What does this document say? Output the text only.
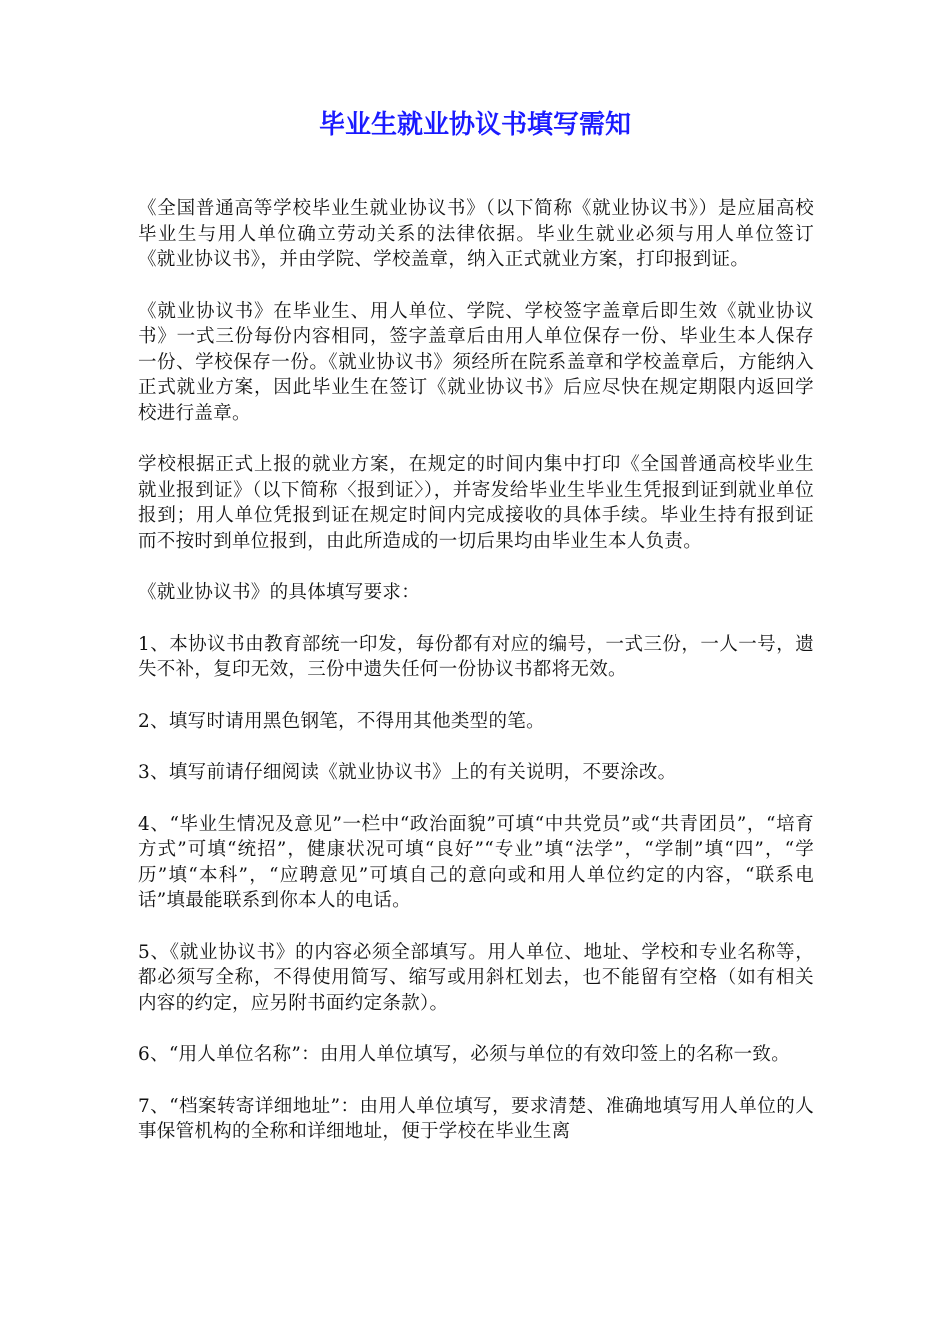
毕业生就业协议书填写需知

《全国普通高等学校毕业生就业协议书》（以下简称《就业协议书》）是应届高校毕业生与用人单位确立劳动关系的法律依据。毕业生就业必须与用人单位签订《就业协议书》，并由学院、学校盖章，纳入正式就业方案，打印报到证。

《就业协议书》在毕业生、用人单位、学院、学校签字盖章后即生效《就业协议书》一式三份每份内容相同，签字盖章后由用人单位保存一份、毕业生本人保存一份、学校保存一份。《就业协议书》须经所在院系盖章和学校盖章后，方能纳入正式就业方案，因此毕业生在签订《就业协议书》后应尽快在规定期限内返回学校进行盖章。

学校根据正式上报的就业方案，在规定的时间内集中打印《全国普通高校毕业生就业报到证》（以下简称〈报到证〉），并寄发给毕业生毕业生凭报到证到就业单位报到；用人单位凭报到证在规定时间内完成接收的具体手续。毕业生持有报到证而不按时到单位报到，由此所造成的一切后果均由毕业生本人负责。

《就业协议书》的具体填写要求：

1、本协议书由教育部统一印发，每份都有对应的编号，一式三份，一人一号，遗失不补，复印无效，三份中遗失任何一份协议书都将无效。

2、填写时请用黑色钢笔，不得用其他类型的笔。

3、填写前请仔细阅读《就业协议书》上的有关说明，不要涂改。

4、“毕业生情况及意见”一栏中“政治面貌”可填“中共党员”或“共青团员”，“培育方式”可填“统招”，健康状况可填“良好”“专业”填“法学”，“学制”填“四”，“学历”填“本科”，“应聘意见”可填自己的意向或和用人单位约定的内容，“联系电话”填最能联系到你本人的电话。

5、《就业协议书》的内容必须全部填写。用人单位、地址、学校和专业名称等，都必须写全称，不得使用简写、缩写或用斜杠划去，也不能留有空格（如有相关内容的约定，应另附书面约定条款）。

6、“用人单位名称”：由用人单位填写，必须与单位的有效印签上的名称一致。

7、“档案转寄详细地址”：由用人单位填写，要求清楚、准确地填写用人单位的人事保管机构的全称和详细地址，便于学校在毕业生离
